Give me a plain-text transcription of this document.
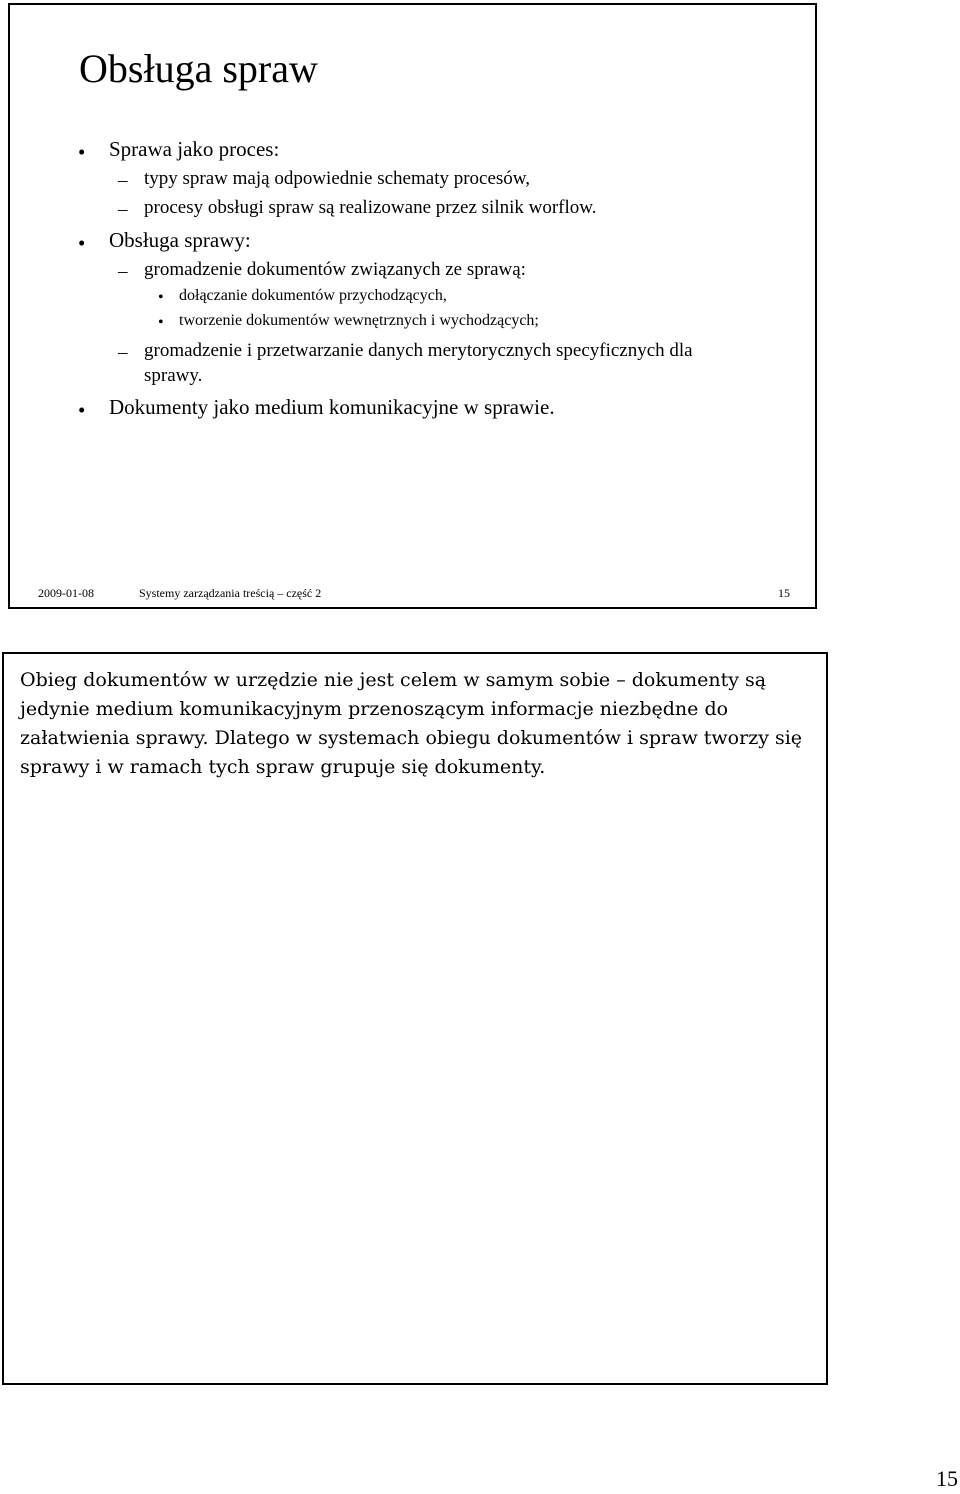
Obsługa spraw
• Sprawa jako proces:
– typy spraw mają odpowiednie schematy procesów,
– procesy obsługi spraw są realizowane przez silnik worflow.
• Obsługa sprawy:
– gromadzenie dokumentów związanych ze sprawą:
• dołączanie dokumentów przychodzących,
• tworzenie dokumentów wewnętrznych i wychodzących;
– gromadzenie i przetwarzanie danych merytorycznych specyficznych dla
sprawy.
• Dokumenty jako medium komunikacyjne w sprawie.
2009-01-08	Systemy zarządzania treścią – część 2	15

Obieg dokumentów w urzędzie nie jest celem w samym sobie – dokumenty są jedynie medium komunikacyjnym przenoszącym informacje niezbędne do załatwienia sprawy. Dlatego w systemach obiegu dokumentów i spraw tworzy się sprawy i w ramach tych spraw grupuje się dokumenty.

15
